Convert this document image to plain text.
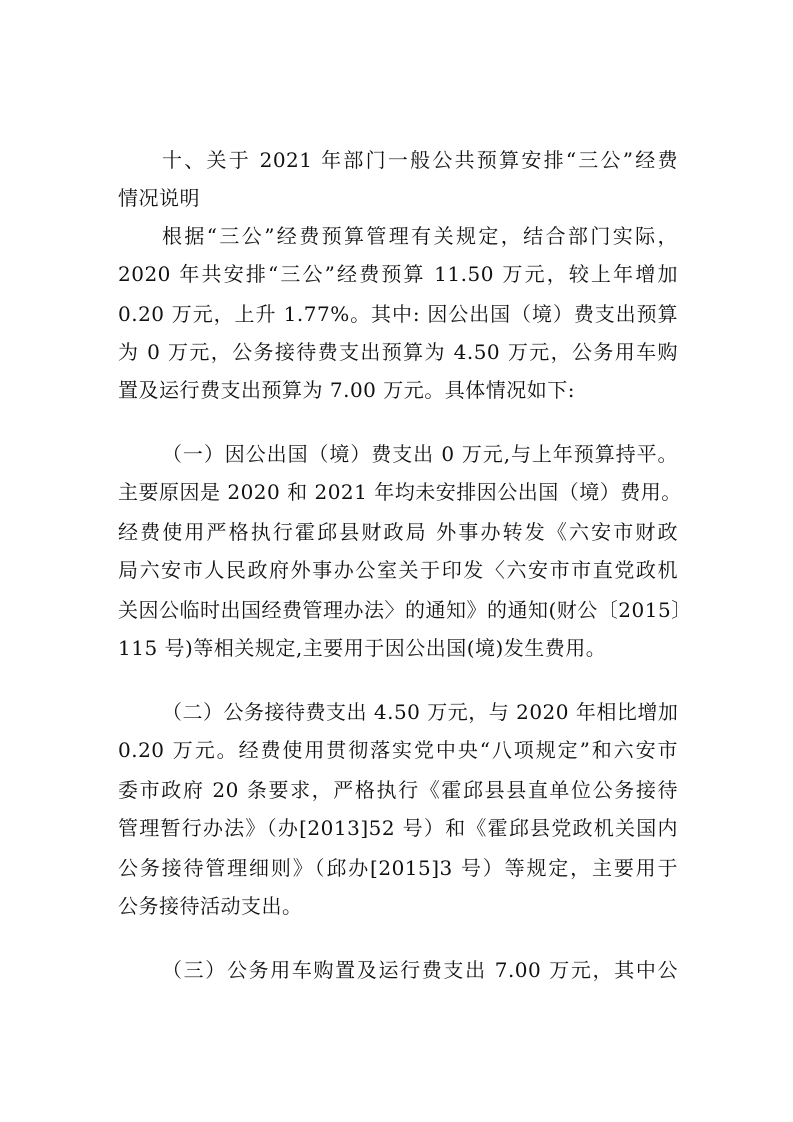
十、关于 2021 年部门一般公共预算安排“三公”经费
情况说明
根据“三公”经费预算管理有关规定，结合部门实际，
2020 年共安排“三公”经费预算 11.50 万元，较上年增加
0.20 万元，上升 1.77%。其中: 因公出国（境）费支出预算
为 0 万元，公务接待费支出预算为 4.50 万元，公务用车购
置及运行费支出预算为 7.00 万元。具体情况如下:
（一）因公出国（境）费支出 0 万元,与上年预算持平。
主要原因是 2020 和 2021 年均未安排因公出国（境）费用。
经费使用严格执行霍邱县财政局 外事办转发《六安市财政
局六安市人民政府外事办公室关于印发〈六安市市直党政机
关因公临时出国经费管理办法〉的通知》的通知(财公〔2015〕
115 号)等相关规定,主要用于因公出国(境)发生费用。
（二）公务接待费支出 4.50 万元，与 2020 年相比增加
0.20 万元。经费使用贯彻落实党中央“八项规定”和六安市
委市政府 20 条要求，严格执行《霍邱县县直单位公务接待
管理暂行办法》（办[2013]52 号）和《霍邱县党政机关国内
公务接待管理细则》（邱办[2015]3 号）等规定，主要用于
公务接待活动支出。
（三）公务用车购置及运行费支出 7.00 万元，其中公
